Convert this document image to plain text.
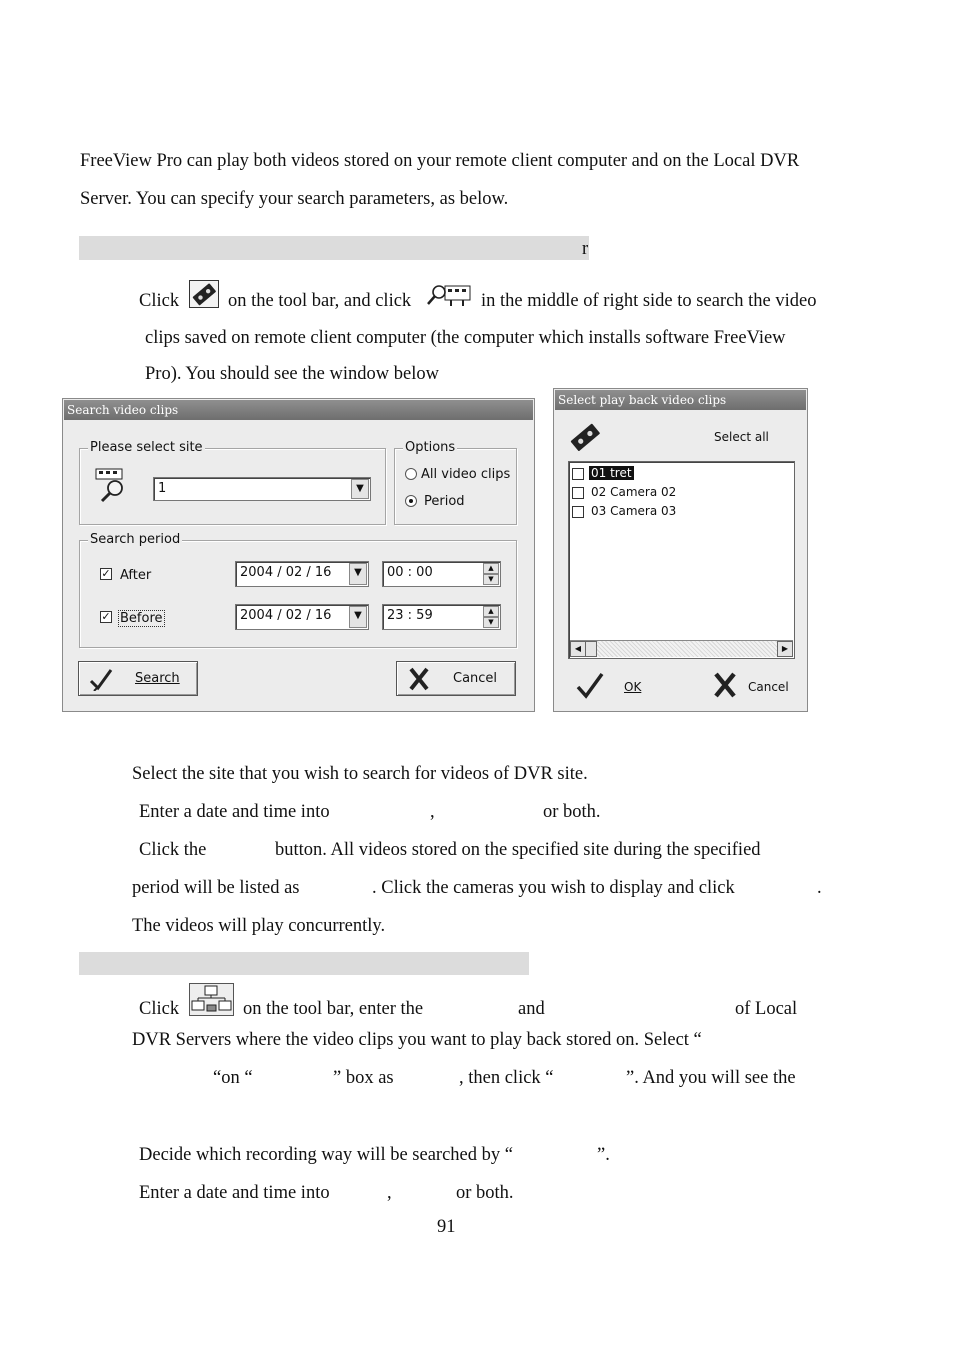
FreeView Pro can play both videos stored on your remote client computer and on the Local DVR
Server. You can specify your search parameters, as below.
r
Click	on the tool bar, and click	in the middle of right side to search the video
clips saved on remote client computer (the computer which installs software FreeView
Pro). You should see the window below
Search video clips
Please select site
1	▼
Options
All video clips
Period
Search period
✓ After	2004 / 02 / 16	▼	00 : 00	▲
▼
✓ Before	2004 / 02 / 16	▼	23 : 59	▲
▼
Search	Cancel
Select play back video clips
Select all
01 tret
02 Camera 02
03 Camera 03
◀	▶
OK	Cancel
Select the site that you wish to search for videos of DVR site.
Enter a date and time into	,	or both.
Click the	button. All videos stored on the specified site during the specified
period will be listed as	. Click the cameras you wish to display and click	.
The videos will play concurrently.
Click	on the tool bar, enter the	and	of Local
DVR Servers where the video clips you want to play back stored on. Select “
“on “	” box as	, then click “	”. And you will see the
Decide which recording way will be searched by “	”.
Enter a date and time into	,	or both.
91
